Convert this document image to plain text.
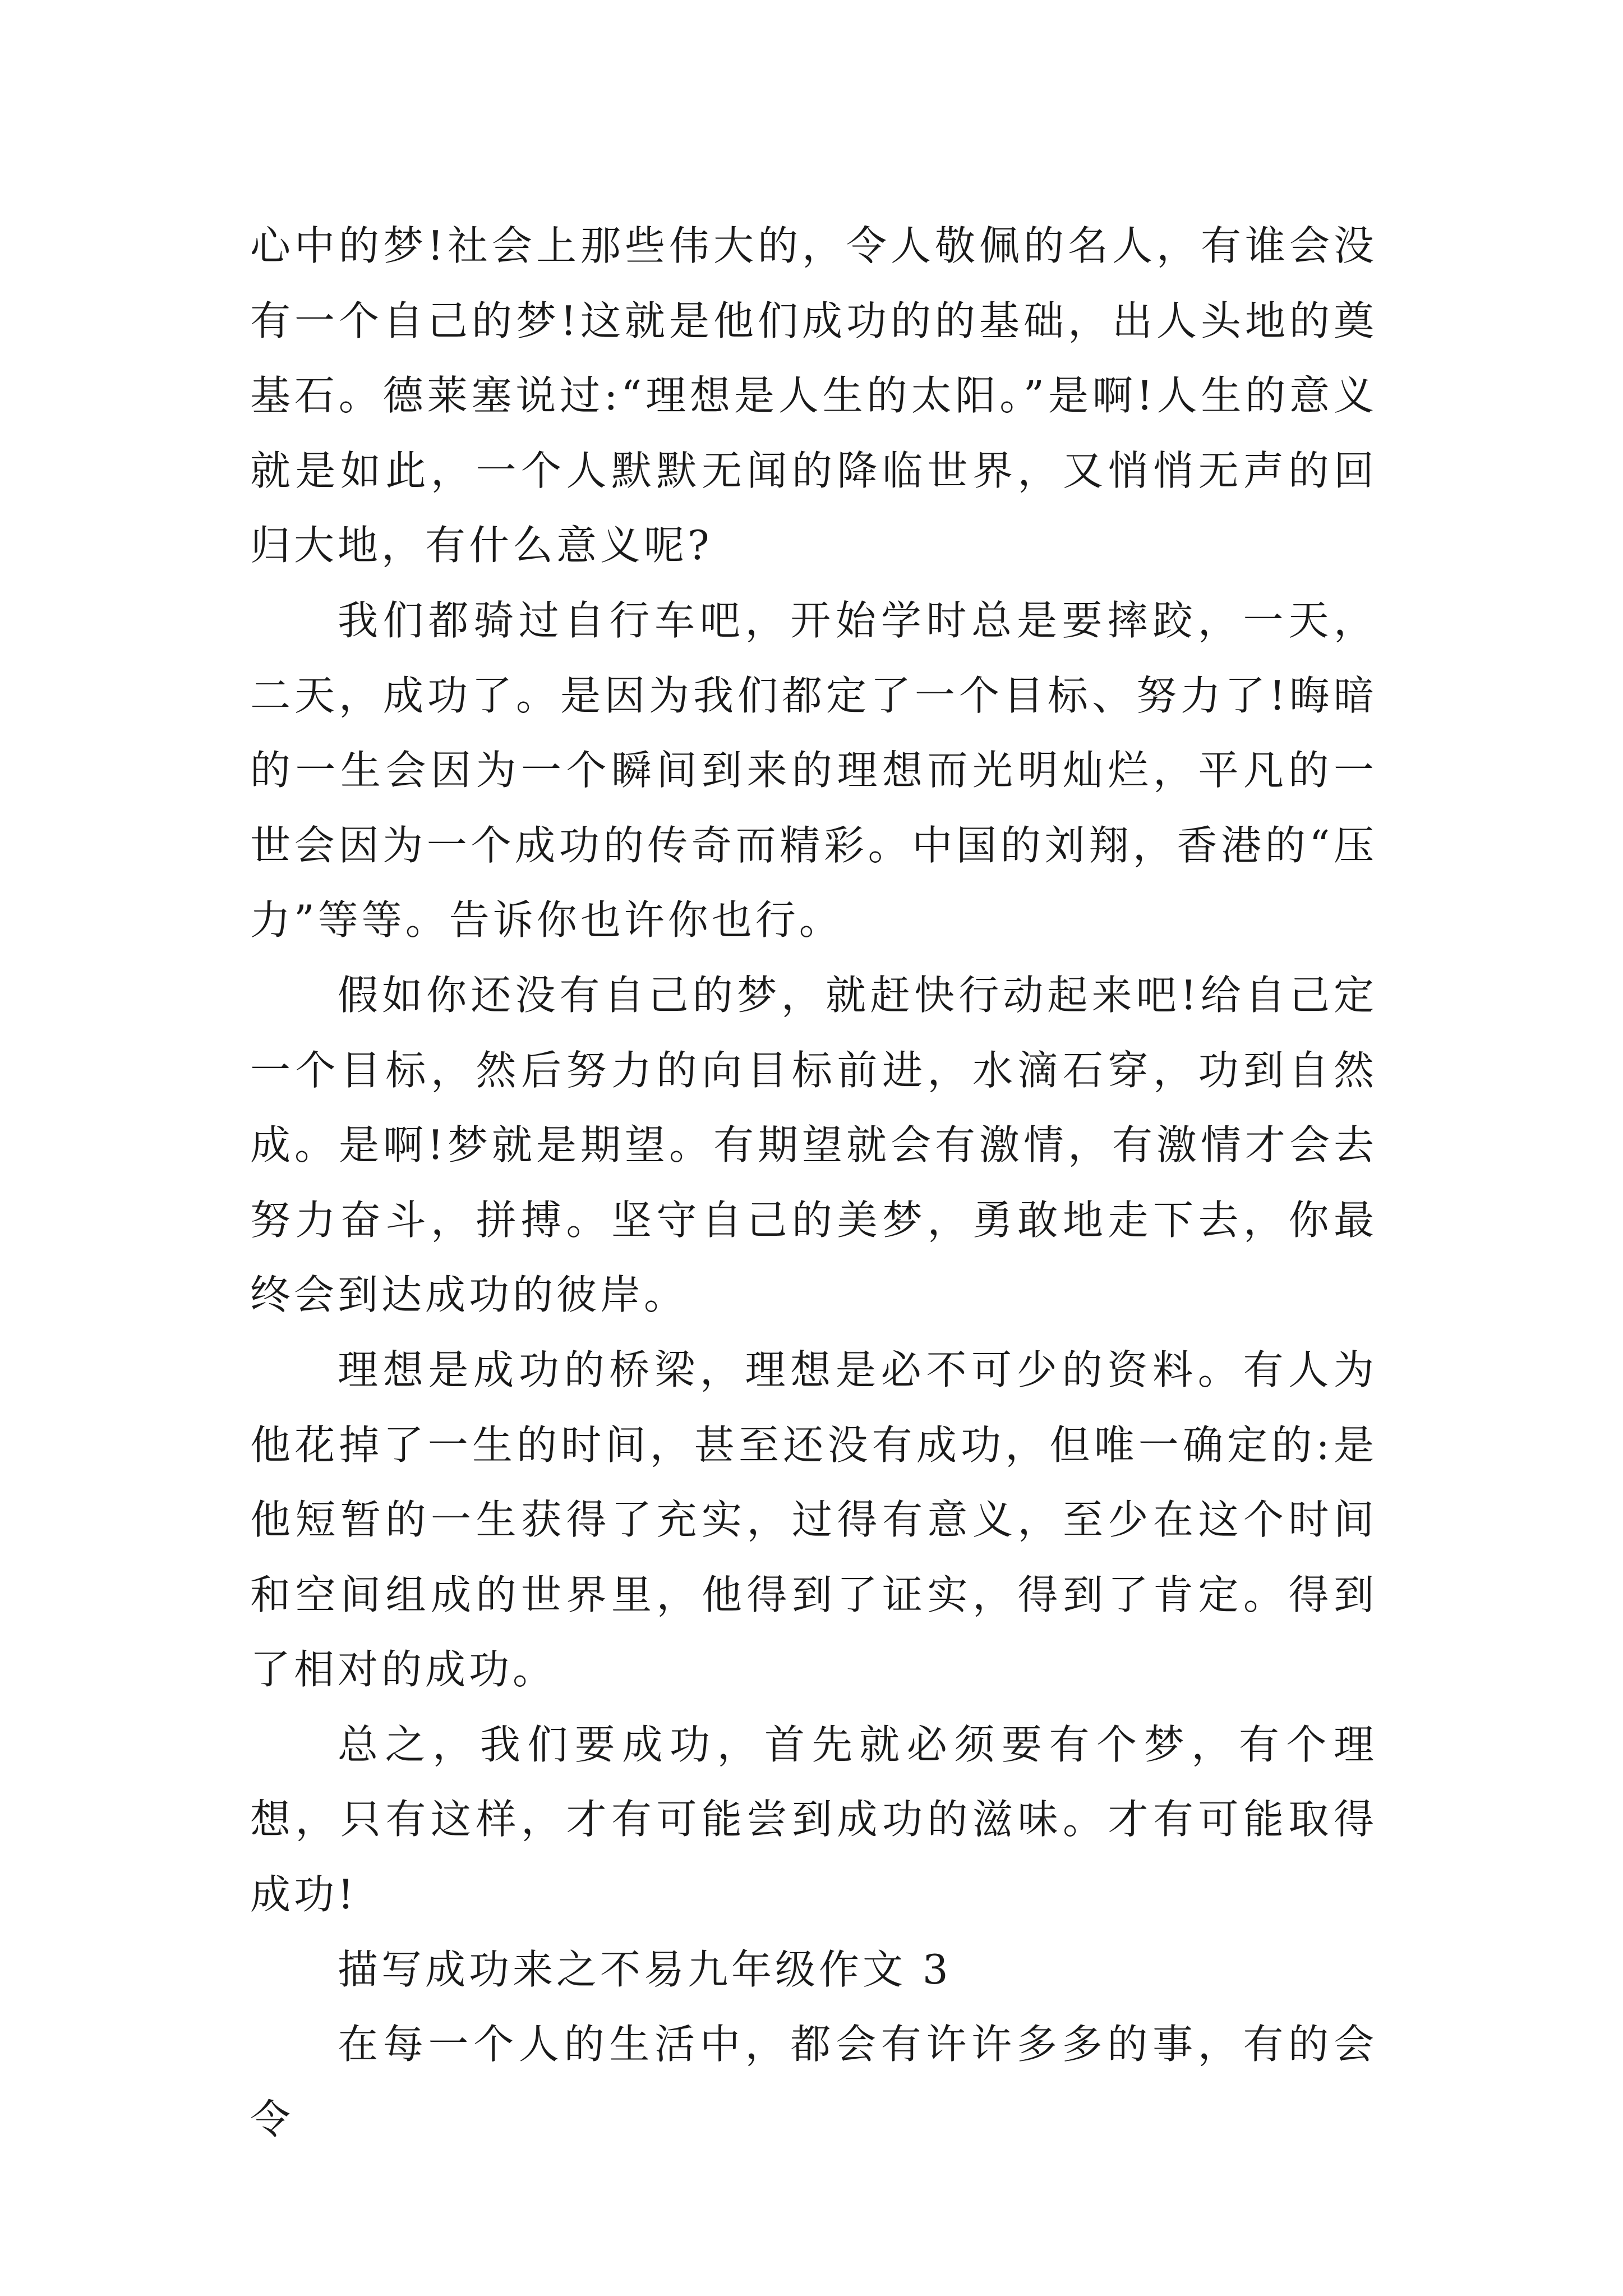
心中的梦!社会上那些伟大的，令人敬佩的名人，有谁会没有一个自己的梦!这就是他们成功的的基础，出人头地的奠基石。德莱塞说过:“理想是人生的太阳。”是啊!人生的意义就是如此，一个人默默无闻的降临世界，又悄悄无声的回归大地，有什么意义呢?

我们都骑过自行车吧，开始学时总是要摔跤，一天，二天，成功了。是因为我们都定了一个目标、努力了!晦暗的一生会因为一个瞬间到来的理想而光明灿烂，平凡的一世会因为一个成功的传奇而精彩。中国的刘翔，香港的“压力”等等。告诉你也许你也行。

假如你还没有自己的梦，就赶快行动起来吧!给自己定一个目标，然后努力的向目标前进，水滴石穿，功到自然成。是啊!梦就是期望。有期望就会有激情，有激情才会去努力奋斗，拼搏。坚守自己的美梦，勇敢地走下去，你最终会到达成功的彼岸。

理想是成功的桥梁，理想是必不可少的资料。有人为他花掉了一生的时间，甚至还没有成功，但唯一确定的:是他短暂的一生获得了充实，过得有意义，至少在这个时间和空间组成的世界里，他得到了证实，得到了肯定。得到了相对的成功。

总之，我们要成功，首先就必须要有个梦，有个理想，只有这样，才有可能尝到成功的滋味。才有可能取得成功!

描写成功来之不易九年级作文 3

在每一个人的生活中，都会有许许多多的事，有的会令
